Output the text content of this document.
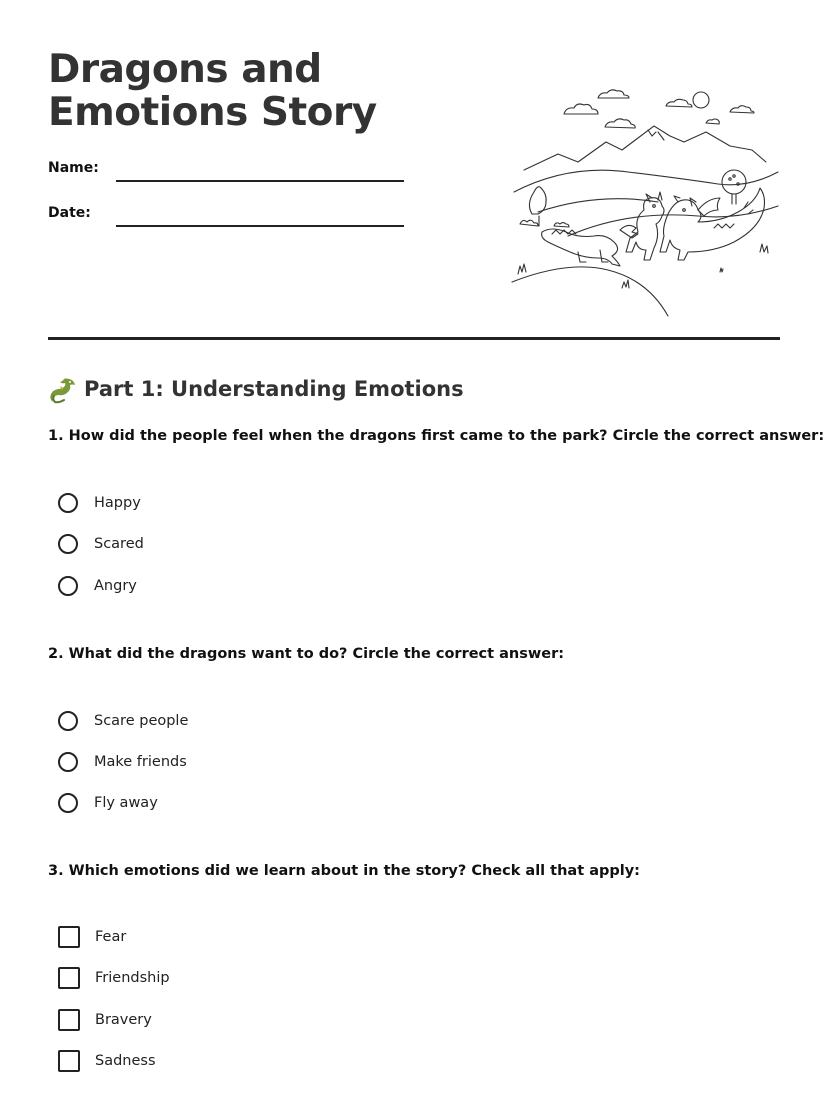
Dragons and Emotions Story
Name:
Date:
Part 1: Understanding Emotions
1. How did the people feel when the dragons first came to the park? Circle the correct answer:
Happy
Scared
Angry
2. What did the dragons want to do? Circle the correct answer:
Scare people
Make friends
Fly away
3. Which emotions did we learn about in the story? Check all that apply:
Fear
Friendship
Bravery
Sadness
